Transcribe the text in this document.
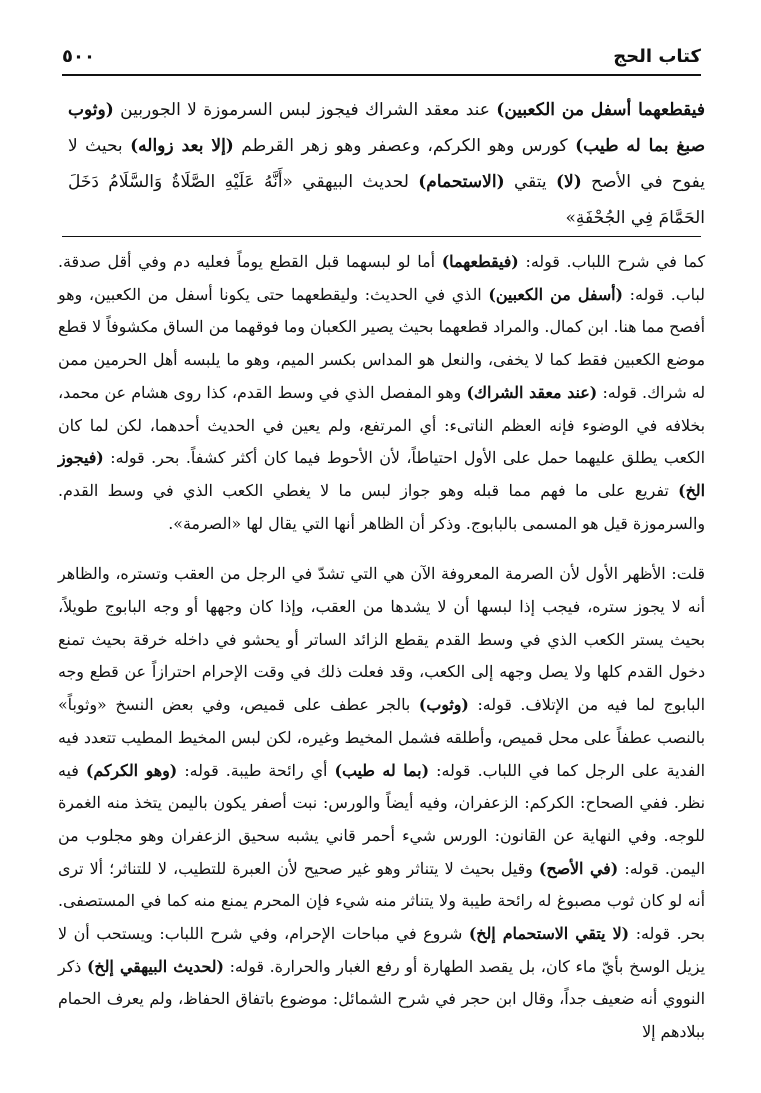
كتاب الحج
٥٠٠
فيقطعهما أسفل من الكعبين) عند معقد الشراك فيجوز لبس السرموزة لا الجوربين (وثوب صبغ بما له طيب) كورس وهو الكركم، وعصفر وهو زهر القرطم (إلا بعد زواله) بحيث لا يفوح في الأصح (لا) يتقي (الاستحمام) لحديث البيهقي «أَنَّهُ عَلَيْهِ الصَّلَاةُ وَالسَّلَامُ دَخَلَ الحَمَّامَ فِي الجُحْفَةِ»

كما في شرح اللباب. قوله: (فيقطعهما) أما لو لبسهما قبل القطع يوماً فعليه دم وفي أقل صدقة. لباب. قوله: (أسفل من الكعبين) الذي في الحديث: وليقطعهما حتى يكونا أسفل من الكعبين، وهو أفصح مما هنا. ابن كمال. والمراد قطعهما بحيث يصير الكعبان وما فوقهما من الساق مكشوفاً لا قطع موضع الكعبين فقط كما لا يخفى، والنعل هو المداس بكسر الميم، وهو ما يلبسه أهل الحرمين ممن له شراك. قوله: (عند معقد الشراك) وهو المفصل الذي في وسط القدم، كذا روى هشام عن محمد، بخلافه في الوضوء فإنه العظم الناتىء: أي المرتفع، ولم يعين في الحديث أحدهما، لكن لما كان الكعب يطلق عليهما حمل على الأول احتياطاً، لأن الأحوط فيما كان أكثر كشفاً. بحر. قوله: (فيجوز الخ) تفريع على ما فهم مما قبله وهو جواز لبس ما لا يغطي الكعب الذي في وسط القدم. والسرموزة قيل هو المسمى بالبابوج. وذكر أن الظاهر أنها التي يقال لها «الصرمة».

قلت: الأظهر الأول لأن الصرمة المعروفة الآن هي التي تشدّ في الرجل من العقب وتستره، والظاهر أنه لا يجوز ستره، فيجب إذا لبسها أن لا يشدها من العقب، وإذا كان وجهها أو وجه البابوج طويلاً، بحيث يستر الكعب الذي في وسط القدم يقطع الزائد الساتر أو يحشو في داخله خرقة بحيث تمنع دخول القدم كلها ولا يصل وجهه إلى الكعب، وقد فعلت ذلك في وقت الإحرام احترازاً عن قطع وجه البابوج لما فيه من الإتلاف. قوله: (وثوب) بالجر عطف على قميص، وفي بعض النسخ «وثوباً» بالنصب عطفاً على محل قميص، وأطلقه فشمل المخيط وغيره، لكن لبس المخيط المطيب تتعدد فيه الفدية على الرجل كما في اللباب. قوله: (بما له طيب) أي رائحة طيبة. قوله: (وهو الكركم) فيه نظر. ففي الصحاح: الكركم: الزعفران، وفيه أيضاً والورس: نبت أصفر يكون باليمن يتخذ منه الغمرة للوجه. وفي النهاية عن القانون: الورس شيء أحمر قاني يشبه سحيق الزعفران وهو مجلوب من اليمن. قوله: (في الأصح) وقيل بحيث لا يتناثر وهو غير صحيح لأن العبرة للتطيب، لا للتناثر؛ ألا ترى أنه لو كان ثوب مصبوغ له رائحة طيبة ولا يتناثر منه شيء فإن المحرم يمنع منه كما في المستصفى. بحر. قوله: (لا يتقي الاستحمام إلخ) شروع في مباحات الإحرام، وفي شرح اللباب: ويستحب أن لا يزيل الوسخ بأيّ ماء كان، بل يقصد الطهارة أو رفع الغبار والحرارة. قوله: (لحديث البيهقي إلخ) ذكر النووي أنه ضعيف جداً، وقال ابن حجر في شرح الشمائل: موضوع باتفاق الحفاظ، ولم يعرف الحمام ببلادهم إلا
